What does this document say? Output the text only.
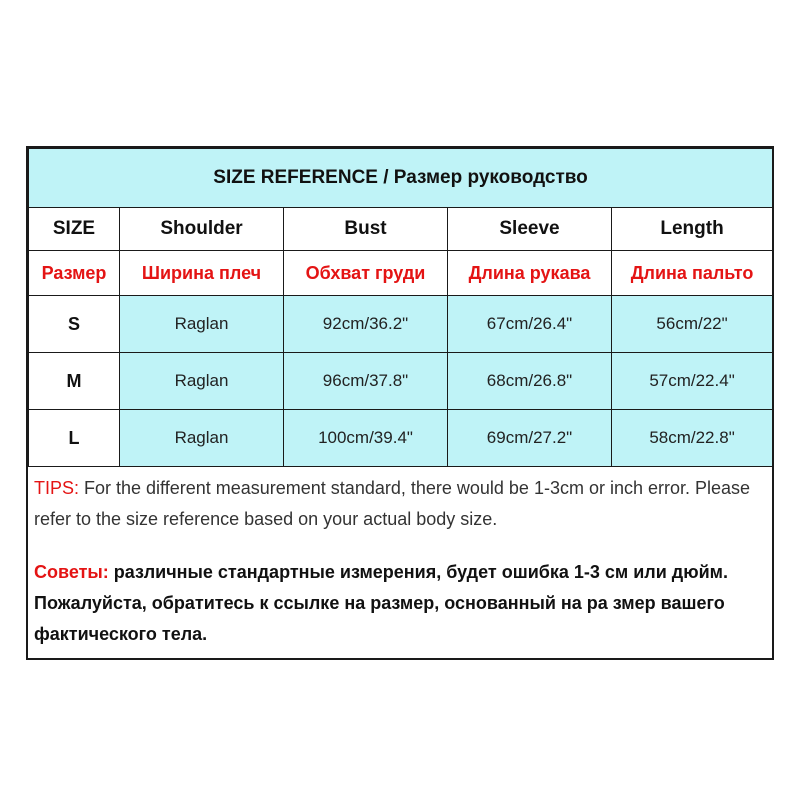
SIZE REFERENCE / Размер руководство				
SIZE	Shoulder	Bust	Sleeve	Length
Размер	Ширина плеч	Обхват груди	Длина рукава	Длина пальто
S	Raglan	92cm/36.2"	67cm/26.4"	56cm/22"
M	Raglan	96cm/37.8"	68cm/26.8"	57cm/22.4"
L	Raglan	100cm/39.4"	69cm/27.2"	58cm/22.8"
TIPS: For the different measurement standard, there would be 1-3cm or inch error. Please refer to the size reference based on your actual body size.
Советы: различные стандартные измерения, будет ошибка 1-3 см или дюйм. Пожалуйста, обратитесь к ссылке на размер, основанный на ра змер вашего фактического тела.
